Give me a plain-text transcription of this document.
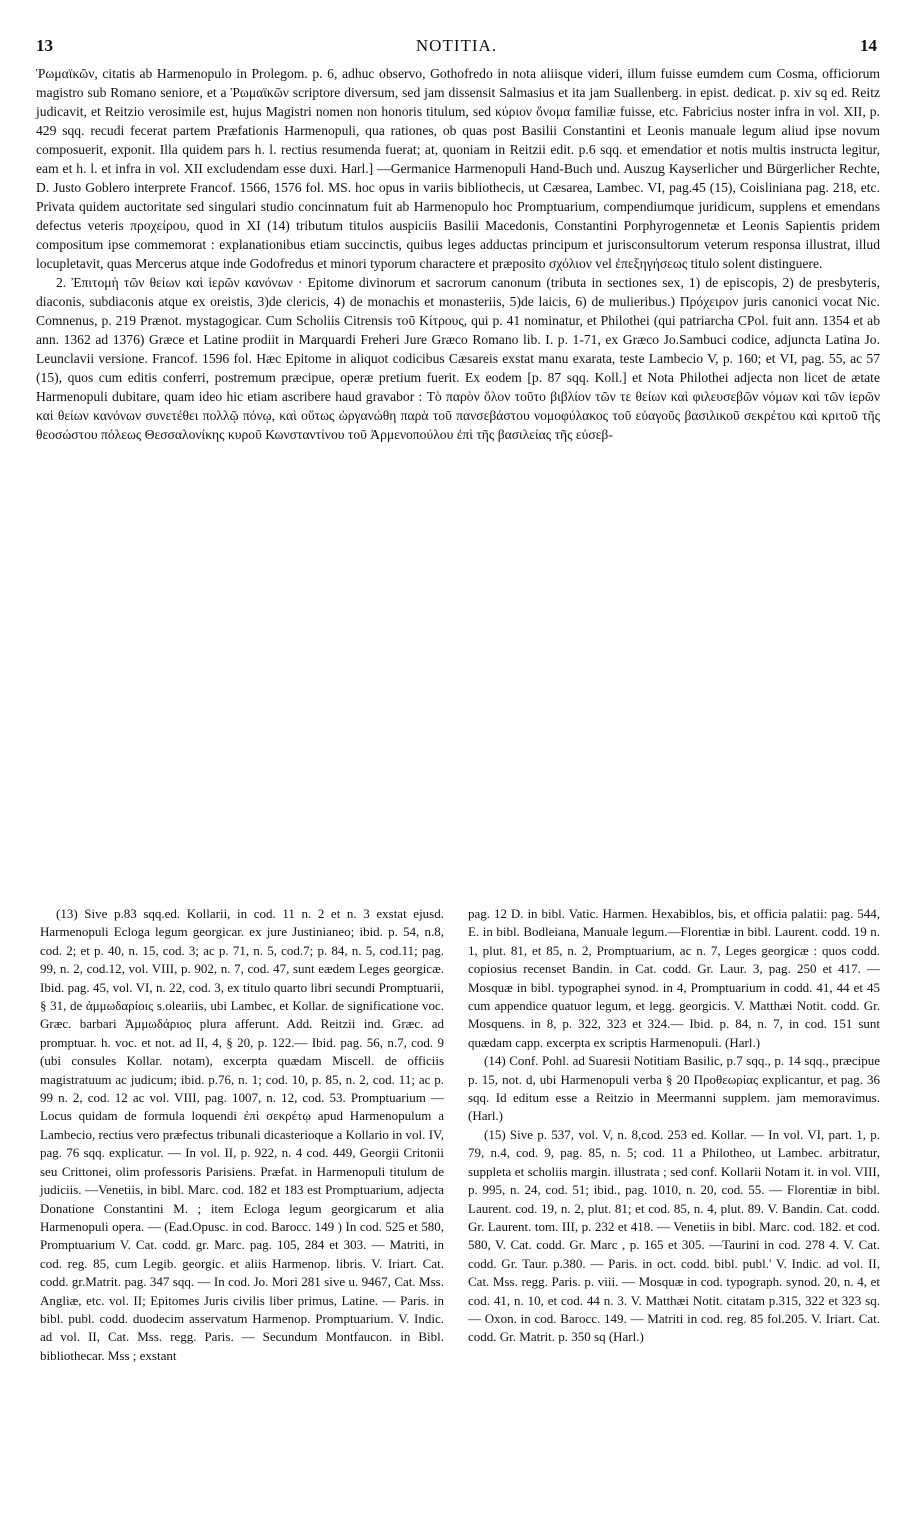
13	NOTITIA.	14

Ῥωμαϊκῶν, citatis ab Harmenopulo in Prolegom. p. 6, adhuc observo, Gothofredo in nota aliisque videri, illum fuisse eumdem cum Cosma, officiorum magistro sub Romano seniore, et a Ῥωμαϊκῶν scriptore diversum, sed jam dissensit Salmasius et ita jam Suallenberg. in epist. dedicat. p. xiv sq ed. Reitz judicavit, et Reitzio verosimile est, hujus Magistri nomen non honoris titulum, sed κύριον ὄνομα familiæ fuisse, etc. Fabricius noster infra in vol. XII, p. 429 sqq. recudi fecerat partem Præfationis Harmenopuli, qua rationes, ob quas post Basilii Constantini et Leonis manuale legum aliud ipse novum composuerit, exponit. Illa quidem pars h. l. rectius resumenda fuerat; at, quoniam in Reitzii edit. p.6 sqq. et emendatior et notis multis instructa legitur, eam et h. l. et infra in vol. XII excludendam esse duxi. Harl.] —Germanice Harmenopuli Hand-Buch und. Auszug Kayserlicher und Bürgerlicher Rechte, D. Justo Goblero interprete Francof. 1566, 1576 fol. MS. hoc opus in variis bibliothecis, ut Cæsarea, Lambec. VI, pag.45 (15), Coisliniana pag. 218, etc. Privata quidem auctoritate sed singulari studio concinnatum fuit ab Harmenopulo hoc Promptuarium, compendiumque juridicum, supplens et emendans defectus veteris προχείρου, quod in XI (14) tributum titulos auspiciis Basilii Macedonis, Constantini Porphyrogennetæ et Leonis Sapientis pridem compositum ipse commemorat : explanationibus etiam succinctis, quibus leges adductas principum et jurisconsultorum veterum responsa illustrat, illud locupletavit, quas Mercerus atque inde Godofredus et minori typorum charactere et præposito σχόλιον vel ἐπεξηγήσεως titulo solent distinguere.

2. Ἐπιτομὴ τῶν θείων καὶ ἱερῶν κανόνων · Epitome divinorum et sacrorum canonum (tributa in sectiones sex, 1) de episcopis, 2) de presbyteris, diaconis, subdiaconis atque ex oreistis, 3)de clericis, 4) de monachis et monasteriis, 5)de laicis, 6) de mulieribus.) Πρόχειρον juris canonici vocat Nic. Comnenus, p. 219 Prænot. mystagogicar. Cum Scholiis Citrensis τοῦ Κίτρους, qui p. 41 nominatur, et Philothei (qui patriarcha CPol. fuit ann. 1354 et ab ann. 1362 ad 1376) Græce et Latine prodiit in Marquardi Freheri Jure Græco Romano lib. I. p. 1-71, ex Græco Jo.Sambuci codice, adjuncta Latina Jo. Leunclavii versione. Francof. 1596 fol. Hæc Epitome in aliquot codicibus Cæsareis exstat manu exarata, teste Lambecio V, p. 160; et VI, pag. 55, ac 57 (15), quos cum editis conferri, postremum præcipue, operæ pretium fuerit. Ex eodem [p. 87 sqq. Koll.] et Nota Philothei adjecta non licet de ætate Harmenopuli dubitare, quam ideo hic etiam ascribere haud gravabor : Τὸ παρὸν ὅλον τοῦτο βιβλίον τῶν τε θείων καὶ φιλευσεβῶν νόμων καὶ τῶν ἱερῶν καὶ θείων κανόνων συνετέθει πολλῷ πόνῳ, καὶ οὕτως ὠργανώθη παρὰ τοῦ πανσεβάστου νομοφύλακος τοῦ εὐαγοῦς βασιλικοῦ σεκρέτου καὶ κριτοῦ τῆς θεοσώστου πόλεως Θεσσαλονίκης κυροῦ Κωνσταντίνου τοῦ Ἀρμενοπούλου ἐπὶ τῆς βασιλείας τῆς εὐσεβ-

(13) Sive p.83 sqq.ed. Kollarii, in cod. 11 n. 2 et n. 3 exstat ejusd. Harmenopuli Ecloga legum georgicar. ex jure Justinianeo; ibid. p. 54, n.8, cod. 2; et p. 40, n. 15, cod. 3; ac p. 71, n. 5, cod.7; p. 84, n. 5, cod.11; pag. 99, n. 2, cod.12, vol. VIII, p. 902, n. 7, cod. 47, sunt eædem Leges georgicæ. Ibid. pag. 45, vol. VI, n. 22, cod. 3, ex titulo quarto libri secundi Promptuarii, § 31, de ἀμμωδαρίοις s.oleariis, ubi Lambec, et Kollar. de significatione voc. Græc. barbari Ἀμμωδάριος plura afferunt. Add. Reitzii ind. Græc. ad promptuar. h. voc. et not. ad II, 4, § 20, p. 122.— Ibid. pag. 56, n.7, cod. 9 (ubi consules Kollar. notam), excerpta quædam Miscell. de officiis magistratuum ac judicum; ibid. p.76, n. 1; cod. 10, p. 85, n. 2, cod. 11; ac p. 99 n. 2, cod. 12 ac vol. VIII, pag. 1007, n. 12, cod. 53. Promptuarium — Locus quidam de formula loquendi ἐπὶ σεκρέτῳ apud Harmenopulum a Lambecio, rectius vero præfectus tribunali dicasterioque a Kollario in vol. IV, pag. 76 sqq. explicatur. — In vol. II, p. 922, n. 4 cod. 449, Georgii Critonii seu Crittonei, olim professoris Parisiens. Præfat. in Harmenopuli titulum de judiciis. —Venetiis, in bibl. Marc. cod. 182 et 183 est Promptuarium, adjecta Donatione Constantini M. ; item Ecloga legum georgicarum et alia Harmenopuli opera. — (Ead.Opusc. in cod. Barocc. 149 ) In cod. 525 et 580, Promptuarium V. Cat. codd. gr. Marc. pag. 105, 284 et 303. — Matriti, in cod. reg. 85, cum Legib. georgic. et aliis Harmenop. libris. V. Iriart. Cat. codd. gr.Matrit. pag. 347 sqq. — In cod. Jo. Mori 281 sive u. 9467, Cat. Mss. Angliæ, etc. vol. II; Epitomes Juris civilis liber primus, Latine. — Paris. in bibl. publ. codd. duodecim asservatum Harmenop. Promptuarium. V. Indic. ad vol. II, Cat. Mss. regg. Paris. — Secundum Montfaucon. in Bibl. bibliothecar. Mss ; exstant

pag. 12 D. in bibl. Vatic. Harmen. Hexabiblos, bis, et officia palatii: pag. 544, E. in bibl. Bodleiana, Manuale legum.—Florentiæ in bibl. Laurent. codd. 19 n. 1, plut. 81, et 85, n. 2, Promptuarium, ac n. 7, Leges georgicæ : quos codd. copiosius recenset Bandin. in Cat. codd. Gr. Laur. 3, pag. 250 et 417. — Mosquæ in bibl. typographei synod. in 4, Promptuarium in codd. 41, 44 et 45 cum appendice quatuor legum, et legg. georgicis. V. Matthæi Notit. codd. Gr. Mosquens. in 8, p. 322, 323 et 324.— Ibid. p. 84, n. 7, in cod. 151 sunt quædam capp. excerpta ex scriptis Harmenopuli. (Harl.)

(14) Conf. Pohl. ad Suaresii Notitiam Basilic, p.7 sqq., p. 14 sqq., præcipue p. 15, not. d, ubi Harmenopuli verba § 20 Προθεωρίας explicantur, et pag. 36 sqq. Id editum esse a Reitzio in Meermanni supplem. jam memoravimus. (Harl.)

(15) Sive p. 537, vol. V, n. 8,cod. 253 ed. Kollar. — In vol. VI, part. 1, p. 79, n.4, cod. 9, pag. 85, n. 5; cod. 11 a Philotheo, ut Lambec. arbitratur, suppleta et scholiis margin. illustrata ; sed conf. Kollarii Notam it. in vol. VIII, p. 995, n. 24, cod. 51; ibid., pag. 1010, n. 20, cod. 55. — Florentiæ in bibl. Laurent. cod. 19, n. 2, plut. 81; et cod. 85, n. 4, plut. 89. V. Bandin. Cat. codd. Gr. Laurent. tom. III, p. 232 et 418. — Venetiis in bibl. Marc. cod. 182. et cod. 580, V. Cat. codd. Gr. Marc , p. 165 et 305. —Taurini in cod. 278 4. V. Cat. codd. Gr. Taur. p.380. — Paris. in oct. codd. bibl. publ.' V. Indic. ad vol. II, Cat. Mss. regg. Paris. p. viii. — Mosquæ in cod. typograph. synod. 20, n. 4, et cod. 41, n. 10, et cod. 44 n. 3. V. Matthæi Notit. citatam p.315, 322 et 323 sq. — Oxon. in cod. Barocc. 149. — Matriti in cod. reg. 85 fol.205. V. Iriart. Cat. codd. Gr. Matrit. p. 350 sq (Harl.)
